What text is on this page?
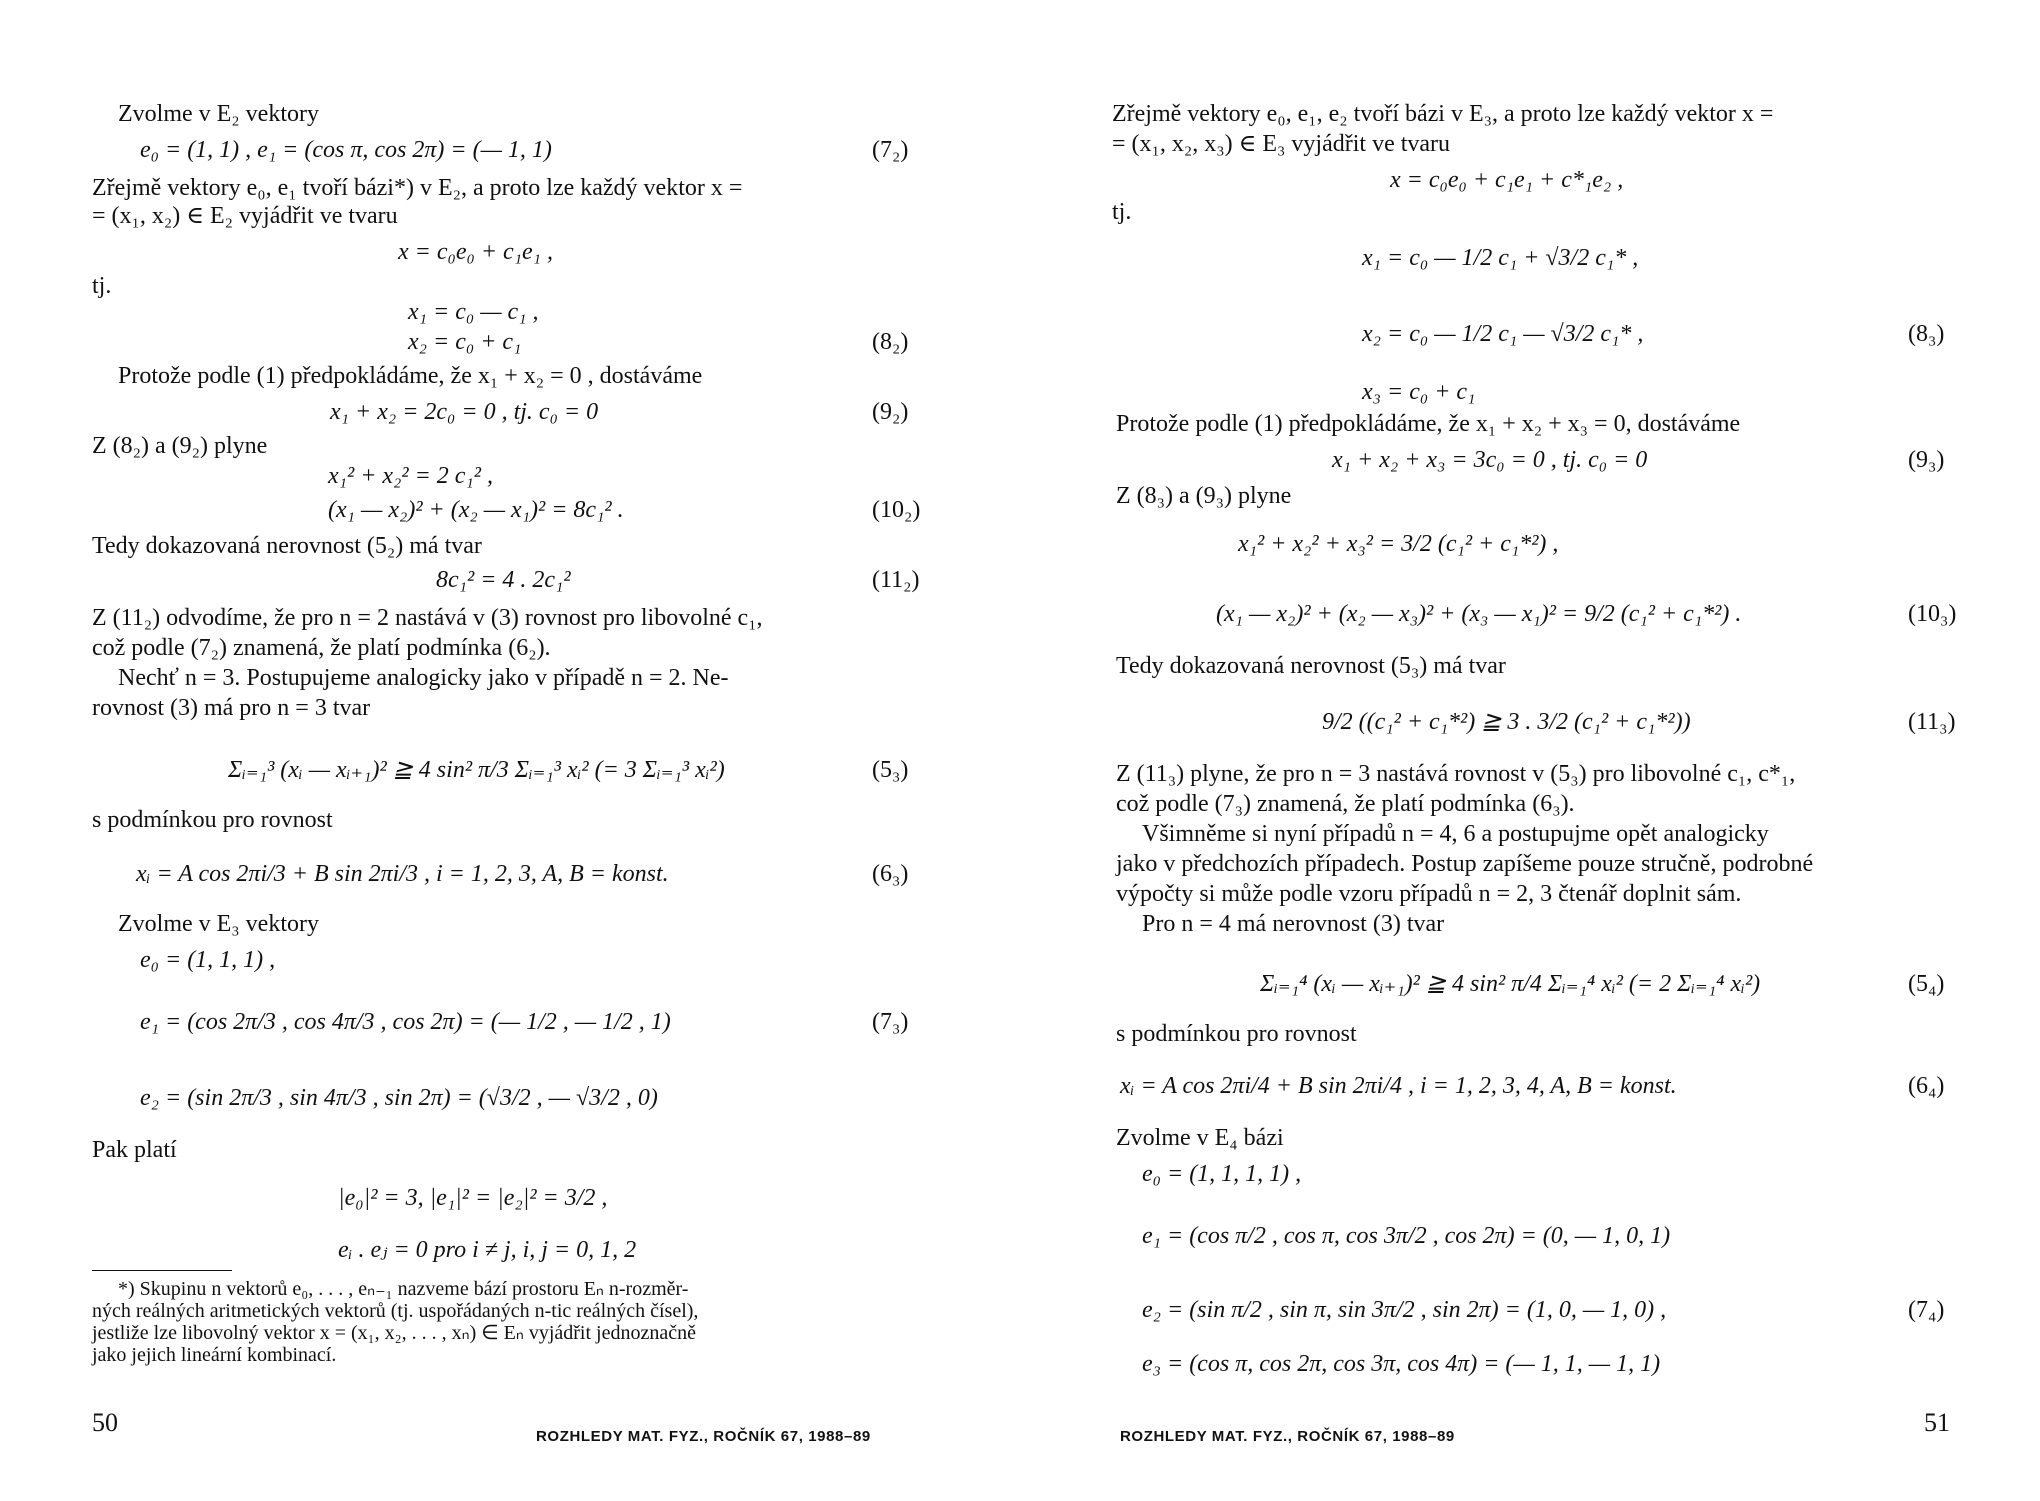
Zvolme v E₂ vektory
e₀ = (1, 1) , e₁ = (cos π, cos 2π) = (— 1, 1)
Zřejmě vektory e₀, e₁ tvoří bázi*) v E₂, a proto lze každý vektor x =
= (x₁, x₂) ∈ E₂ vyjádřit ve tvaru
x = c₀e₀ + c₁e₁ ,
tj.
x₁ = c₀ — c₁ ,
x₂ = c₀ + c₁
Protože podle (1) předpokládáme, že x₁ + x₂ = 0 , dostáváme
x₁ + x₂ = 2c₀ = 0 , tj. c₀ = 0
Z (8₂) a (9₂) plyne
x₁² + x₂² = 2 c₁² ,
(x₁ — x₂)² + (x₂ — x₁)² = 8c₁² .
Tedy dokazovaná nerovnost (5₂) má tvar
8c₁² = 4 . 2c₁²
Z (11₂) odvodíme, že pro n = 2 nastává v (3) rovnost pro libovolné c₁,
což podle (7₂) znamená, že platí podmínka (6₂).
Nechť n = 3. Postupujeme analogicky jako v případě n = 2. Ne-
rovnost (3) má pro n = 3 tvar
Σᵢ₌₁³ (xᵢ — xᵢ₊₁)² ≧ 4 sin² π/3 Σᵢ₌₁³ xᵢ² (= 3 Σᵢ₌₁³ xᵢ²)
s podmínkou pro rovnost
xᵢ = A cos 2πi/3 + B sin 2πi/3 , i = 1, 2, 3, A, B = konst.
Zvolme v E₃ vektory
e₀ = (1, 1, 1) ,
e₁ = (cos 2π/3 , cos 4π/3 , cos 2π) = (— 1/2 , — 1/2 , 1)
e₂ = (sin 2π/3 , sin 4π/3 , sin 2π) = (√3/2 , — √3/2 , 0)
Pak platí
|e₀|² = 3, |e₁|² = |e₂|² = 3/2 ,
eᵢ . eⱼ = 0 pro i ≠ j, i, j = 0, 1, 2
(7₂)
(8₂)
(9₂)
(10₂)
(11₂)
(5₃)
(6₃)
(7₃)
*) Skupinu n vektorů e₀, . . . , eₙ₋₁ nazveme bází prostoru Eₙ n-rozměr-
ných reálných aritmetických vektorů (tj. uspořádaných n-tic reálných čísel),
jestliže lze libovolný vektor x = (x₁, x₂, . . . , xₙ) ∈ Eₙ vyjádřit jednoznačně
jako jejich lineární kombinací.
50	ROZHLEDY MAT. FYZ., ROČNÍK 67, 1988–89
Zřejmě vektory e₀, e₁, e₂ tvoří bázi v E₃, a proto lze každý vektor x =
= (x₁, x₂, x₃) ∈ E₃ vyjádřit ve tvaru
x = c₀e₀ + c₁e₁ + c*₁e₂ ,
tj.
x₁ = c₀ — 1/2 c₁ + √3/2 c₁* ,
x₂ = c₀ — 1/2 c₁ — √3/2 c₁* ,
x₃ = c₀ + c₁
Protože podle (1) předpokládáme, že x₁ + x₂ + x₃ = 0, dostáváme
x₁ + x₂ + x₃ = 3c₀ = 0 , tj. c₀ = 0
Z (8₃) a (9₃) plyne
x₁² + x₂² + x₃² = 3/2 (c₁² + c₁*²) ,
(x₁ — x₂)² + (x₂ — x₃)² + (x₃ — x₁)² = 9/2 (c₁² + c₁*²) .
Tedy dokazovaná nerovnost (5₃) má tvar
9/2 ((c₁² + c₁*²) ≧ 3 . 3/2 (c₁² + c₁*²))
Z (11₃) plyne, že pro n = 3 nastává rovnost v (5₃) pro libovolné c₁, c*₁,
což podle (7₃) znamená, že platí podmínka (6₃).
Všimněme si nyní případů n = 4, 6 a postupujme opět analogicky
jako v předchozích případech. Postup zapíšeme pouze stručně, podrobné
výpočty si může podle vzoru případů n = 2, 3 čtenář doplnit sám.
Pro n = 4 má nerovnost (3) tvar
Σᵢ₌₁⁴ (xᵢ — xᵢ₊₁)² ≧ 4 sin² π/4 Σᵢ₌₁⁴ xᵢ² (= 2 Σᵢ₌₁⁴ xᵢ²)
s podmínkou pro rovnost
xᵢ = A cos 2πi/4 + B sin 2πi/4 , i = 1, 2, 3, 4, A, B = konst.
Zvolme v E₄ bázi
e₀ = (1, 1, 1, 1) ,
e₁ = (cos π/2 , cos π, cos 3π/2 , cos 2π) = (0, — 1, 0, 1)
e₂ = (sin π/2 , sin π, sin 3π/2 , sin 2π) = (1, 0, — 1, 0) ,
e₃ = (cos π, cos 2π, cos 3π, cos 4π) = (— 1, 1, — 1, 1)
(8₃)
(9₃)
(10₃)
(11₃)
(5₄)
(6₄)
(7₄)
ROZHLEDY MAT. FYZ., ROČNÍK 67, 1988–89	51
